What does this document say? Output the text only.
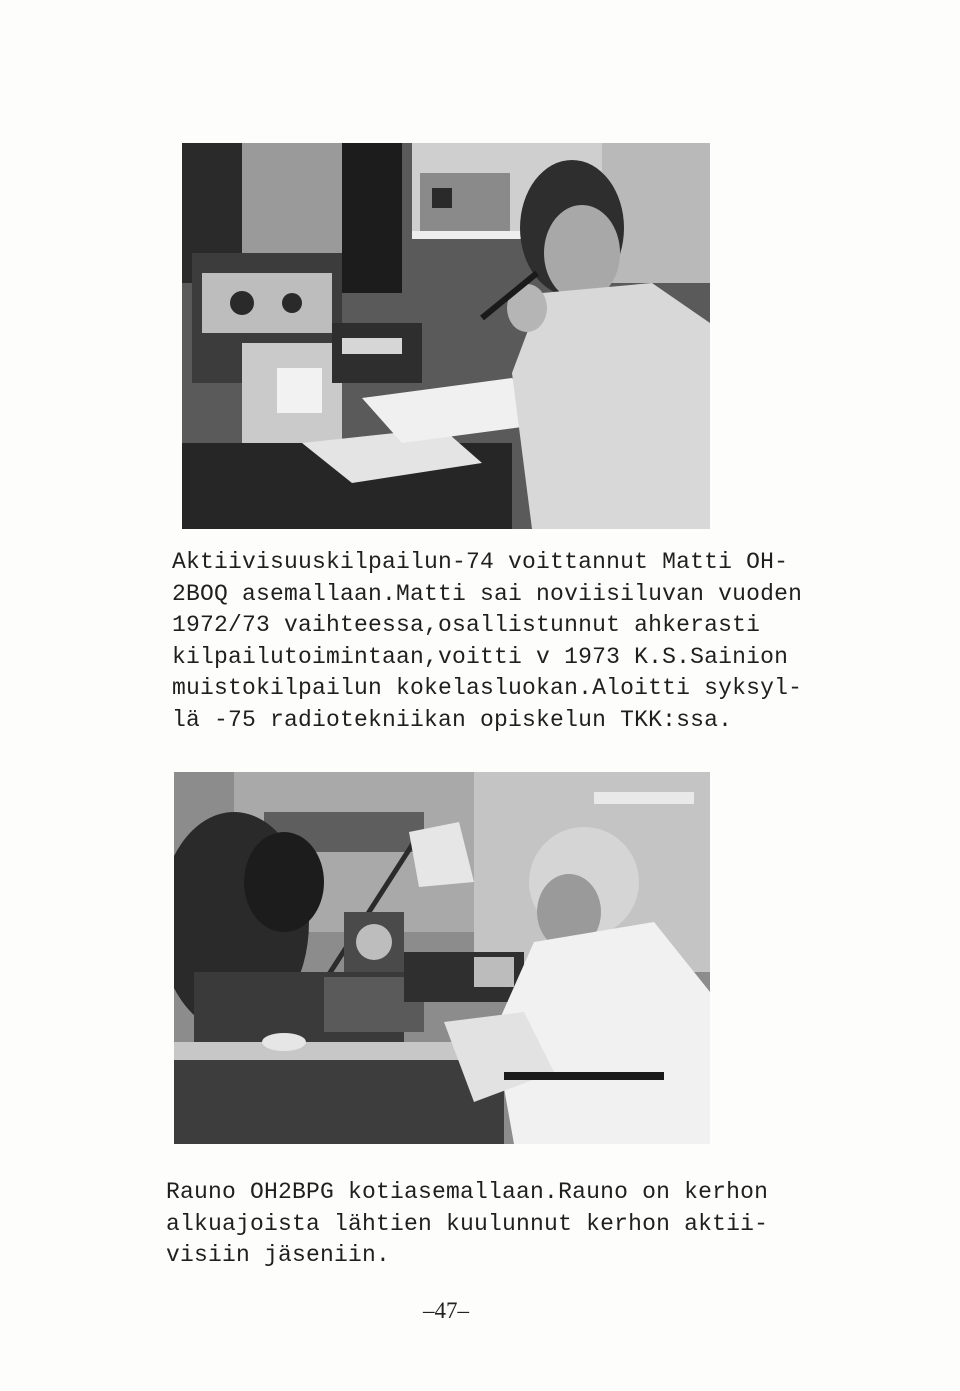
Aktiivisuuskilpailun-74 voittannut Matti OH-
2BOQ asemallaan.Matti sai noviisiluvan vuoden
1972/73 vaihteessa,osallistunnut ahkerasti
kilpailutoimintaan,voitti v 1973 K.S.Sainion
muistokilpailun kokelasluokan.Aloitti syksyl-
lä -75 radiotekniikan opiskelun TKK:ssa.

Rauno OH2BPG kotiasemallaan.Rauno on kerhon
alkuajoista lähtien kuulunnut kerhon aktii-
visiin jäseniin.

–47–
